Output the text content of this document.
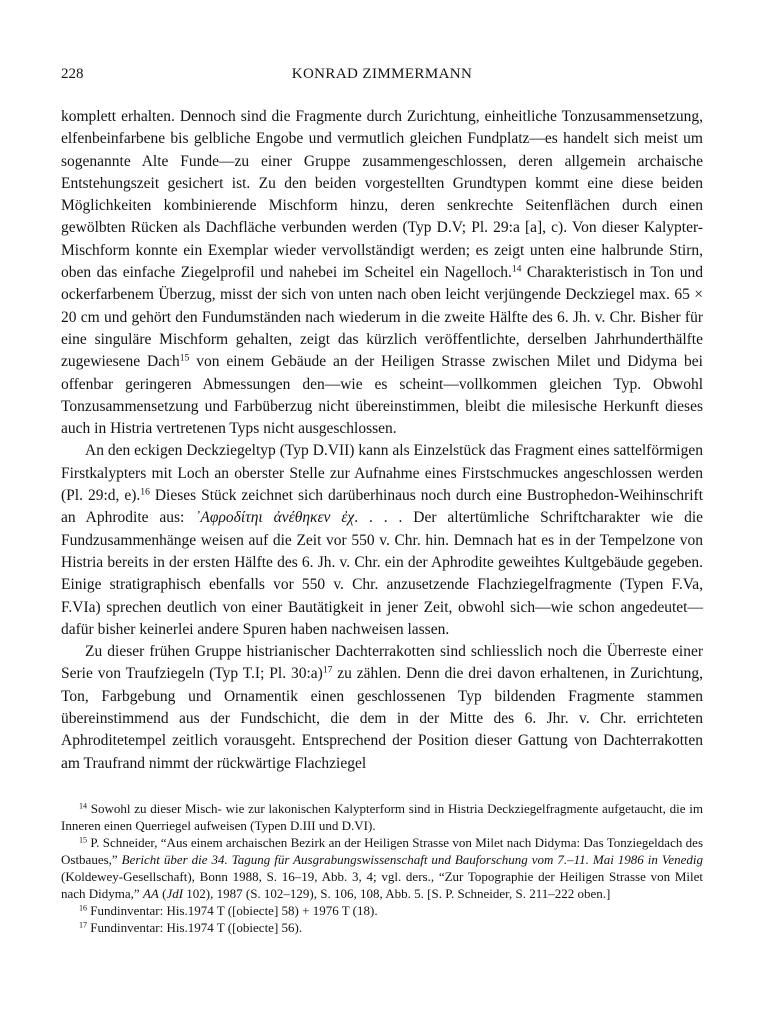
228	KONRAD ZIMMERMANN

komplett erhalten. Dennoch sind die Fragmente durch Zurichtung, einheitliche Tonzusammensetzung, elfenbeinfarbene bis gelbliche Engobe und vermutlich gleichen Fundplatz—es handelt sich meist um sogenannte Alte Funde—zu einer Gruppe zusammengeschlossen, deren allgemein archaische Entstehungszeit gesichert ist. Zu den beiden vorgestellten Grundtypen kommt eine diese beiden Möglichkeiten kombinierende Mischform hinzu, deren senkrechte Seitenflächen durch einen gewölbten Rücken als Dachfläche verbunden werden (Typ D.V; Pl. 29:a [a], c). Von dieser Kalypter-Mischform konnte ein Exemplar wieder vervollständigt werden; es zeigt unten eine halbrunde Stirn, oben das einfache Ziegelprofil und nahebei im Scheitel ein Nagelloch.$^{14}$ Charakteristisch in Ton und ockerfarbenem Überzug, misst der sich von unten nach oben leicht verjüngende Deckziegel max. 65 × 20 cm und gehört den Fundumständen nach wiederum in die zweite Hälfte des 6. Jh. v. Chr. Bisher für eine singuläre Mischform gehalten, zeigt das kürzlich veröffentlichte, derselben Jahrhunderthälfte zugewiesene Dach$^{15}$ von einem Gebäude an der Heiligen Strasse zwischen Milet und Didyma bei offenbar geringeren Abmessungen den—wie es scheint—vollkommen gleichen Typ. Obwohl Tonzusammensetzung und Farbüberzug nicht übereinstimmen, bleibt die milesische Herkunft dieses auch in Histria vertretenen Typs nicht ausgeschlossen.

An den eckigen Deckziegeltyp (Typ D.VII) kann als Einzelstück das Fragment eines sattelförmigen Firstkalypters mit Loch an oberster Stelle zur Aufnahme eines Firstschmuckes angeschlossen werden (Pl. 29:d, e).$^{16}$ Dieses Stück zeichnet sich darüberhinaus noch durch eine Bustrophedon-Weihinschrift an Aphrodite aus: ᾿Αφροδίτηι ἀνέθηκεν ἐχ. . . . Der altertümliche Schriftcharakter wie die Fundzusammenhänge weisen auf die Zeit vor 550 v. Chr. hin. Demnach hat es in der Tempelzone von Histria bereits in der ersten Hälfte des 6. Jh. v. Chr. ein der Aphrodite geweihtes Kultgebäude gegeben. Einige stratigraphisch ebenfalls vor 550 v. Chr. anzusetzende Flachziegelfragmente (Typen F.Va, F.VIa) sprechen deutlich von einer Bautätigkeit in jener Zeit, obwohl sich—wie schon angedeutet—dafür bisher keinerlei andere Spuren haben nachweisen lassen.

Zu dieser frühen Gruppe histrianischer Dachterrakotten sind schliesslich noch die Überreste einer Serie von Traufziegeln (Typ T.I; Pl. 30:a)$^{17}$ zu zählen. Denn die drei davon erhaltenen, in Zurichtung, Ton, Farbgebung und Ornamentik einen geschlossenen Typ bildenden Fragmente stammen übereinstimmend aus der Fundschicht, die dem in der Mitte des 6. Jhr. v. Chr. errichteten Aphroditetempel zeitlich vorausgeht. Entsprechend der Position dieser Gattung von Dachterrakotten am Traufrand nimmt der rückwärtige Flachziegel

$^{14}$ Sowohl zu dieser Misch- wie zur lakonischen Kalypterform sind in Histria Deckziegelfragmente aufgetaucht, die im Inneren einen Querriegel aufweisen (Typen D.III und D.VI).

$^{15}$ P. Schneider, “Aus einem archaischen Bezirk an der Heiligen Strasse von Milet nach Didyma: Das Tonziegeldach des Ostbaues,” Bericht über die 34. Tagung für Ausgrabungswissenschaft und Bauforschung vom 7.–11. Mai 1986 in Venedig (Koldewey-Gesellschaft), Bonn 1988, S. 16–19, Abb. 3, 4; vgl. ders., “Zur Topographie der Heiligen Strasse von Milet nach Didyma,” AA (JdI 102), 1987 (S. 102–129), S. 106, 108, Abb. 5. [S. P. Schneider, S. 211–222 oben.]

$^{16}$ Fundinventar: His.1974 T ([obiecte] 58) + 1976 T (18).

$^{17}$ Fundinventar: His.1974 T ([obiecte] 56).
